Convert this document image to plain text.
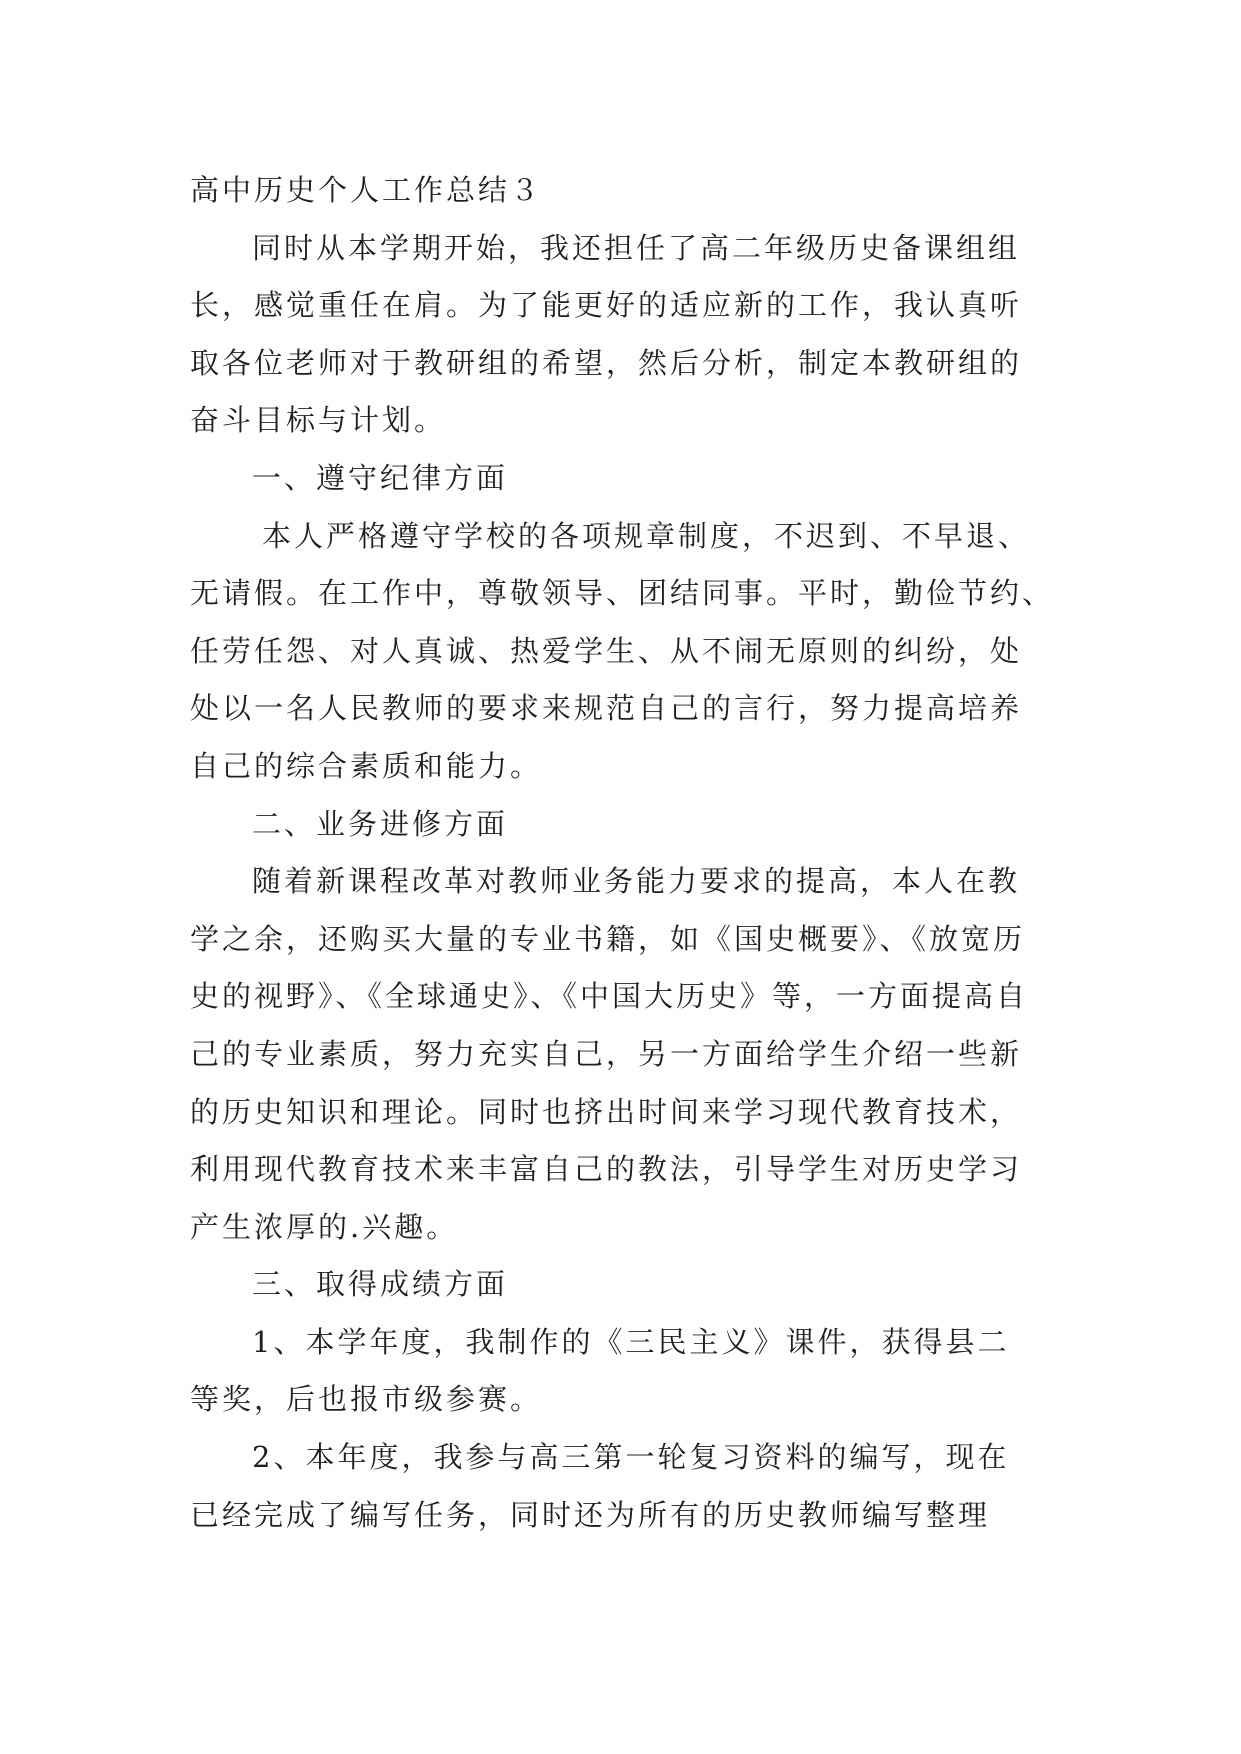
高中历史个人工作总结３

同时从本学期开始，我还担任了高二年级历史备课组组

长，感觉重任在肩。为了能更好的适应新的工作，我认真听

取各位老师对于教研组的希望，然后分析，制定本教研组的

奋斗目标与计划。

一、遵守纪律方面

本人严格遵守学校的各项规章制度，不迟到、不早退、

无请假。在工作中，尊敬领导、团结同事。平时，勤俭节约、

任劳任怨、对人真诚、热爱学生、从不闹无原则的纠纷，处

处以一名人民教师的要求来规范自己的言行，努力提高培养

自己的综合素质和能力。

二、业务进修方面

随着新课程改革对教师业务能力要求的提高，本人在教

学之余，还购买大量的专业书籍，如《国史概要》、《放宽历

史的视野》、《全球通史》、《中国大历史》等，一方面提高自

己的专业素质，努力充实自己，另一方面给学生介绍一些新

的历史知识和理论。同时也挤出时间来学习现代教育技术，

利用现代教育技术来丰富自己的教法，引导学生对历史学习

产生浓厚的.兴趣。

三、取得成绩方面

1、本学年度，我制作的《三民主义》课件，获得县二

等奖，后也报市级参赛。

2、本年度，我参与高三第一轮复习资料的编写，现在

已经完成了编写任务，同时还为所有的历史教师编写整理
